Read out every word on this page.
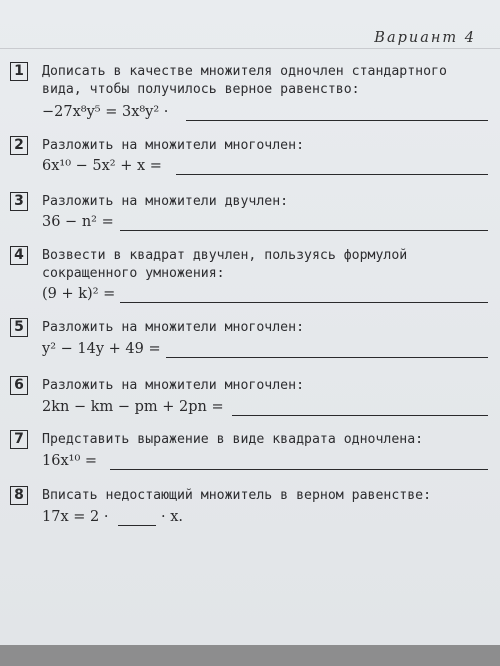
Вариант 4
1	Дописать в качестве множителя одночлен стандартного вида, чтобы получилось верное равенство:
−27x⁸y⁵ = 3x⁸y² ·
2	Разложить на множители многочлен:
6x¹⁰ − 5x² + x =
3	Разложить на множители двучлен:
36 − n² =
4	Возвести в квадрат двучлен, пользуясь формулой сокращенного умножения:
(9 + k)² =
5	Разложить на множители многочлен:
y² − 14y + 49 =
6	Разложить на множители многочлен:
2kn − km − pm + 2pn =
7	Представить выражение в виде квадрата одночлена:
16x¹⁰ =
8	Вписать недостающий множитель в верном равенстве:
17x = 2 ·	· x.
